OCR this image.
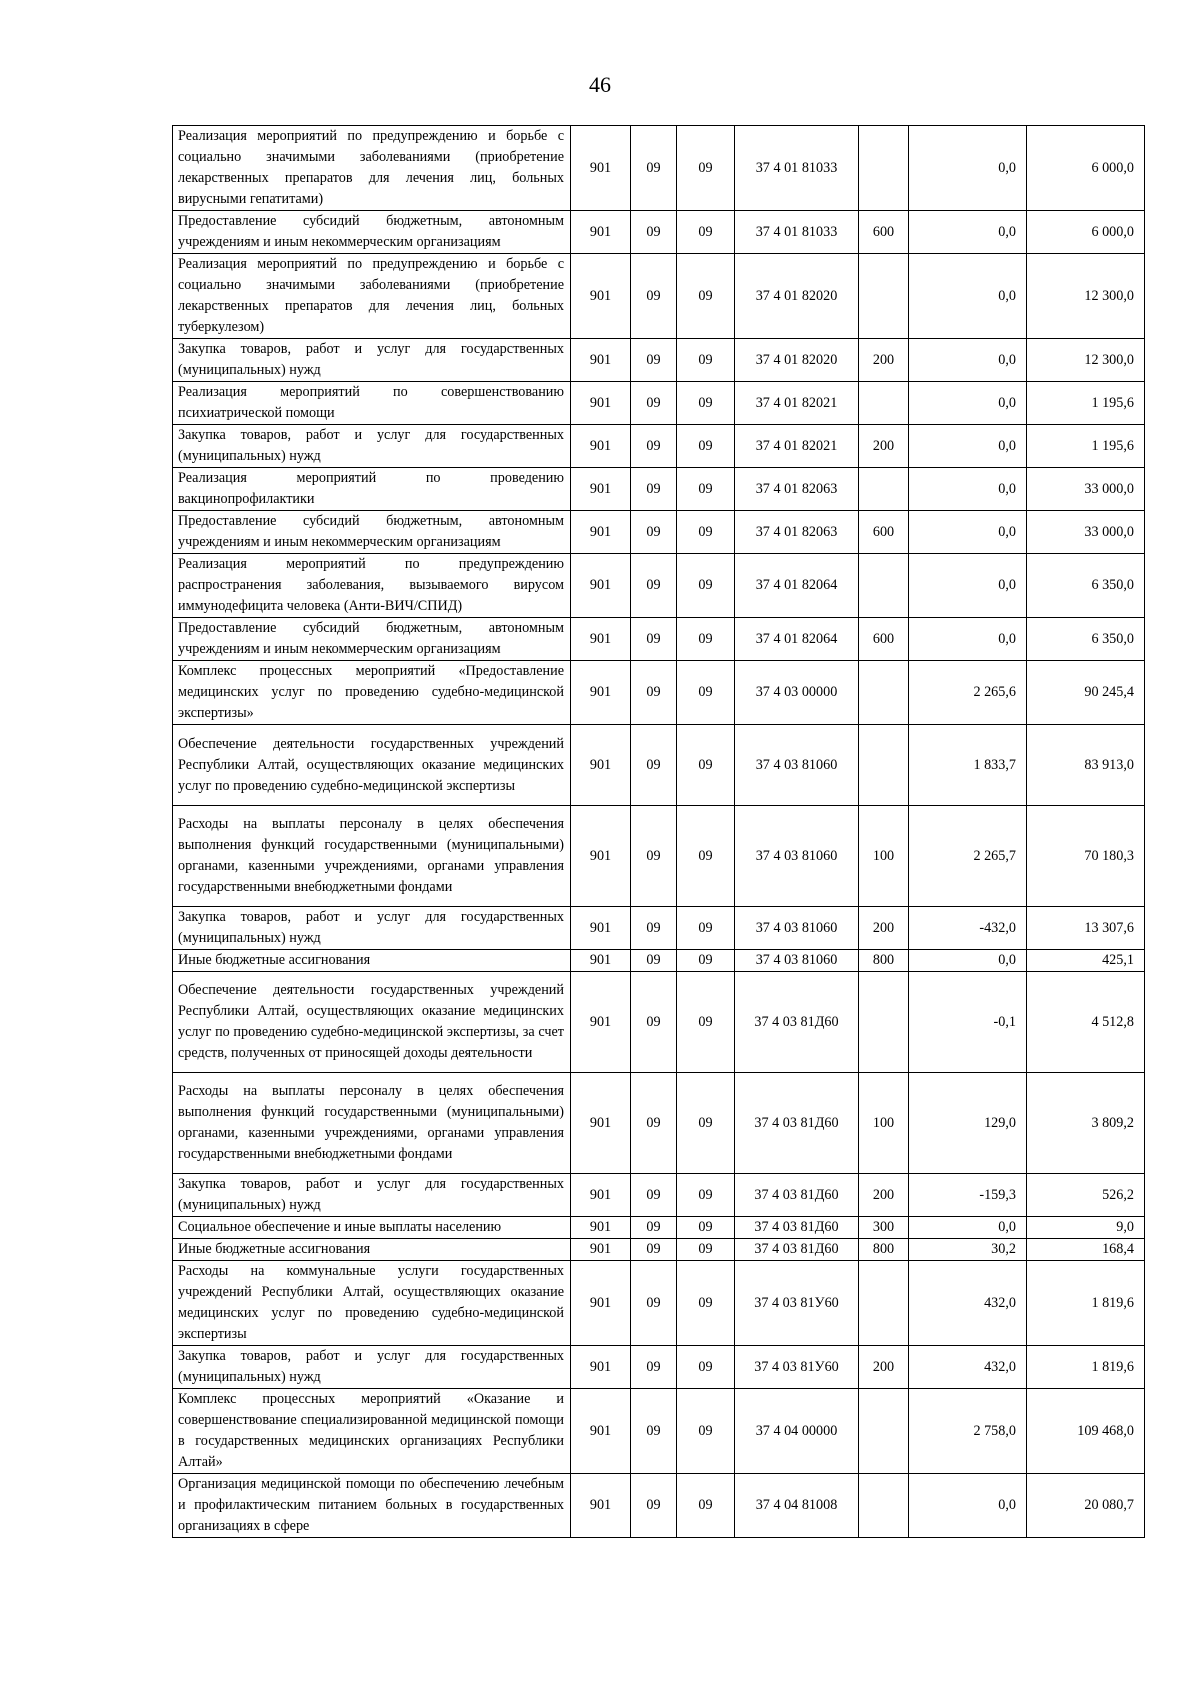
46
Реализация мероприятий по предупреждению и борьбе с социально значимыми заболеваниями (приобретение лекарственных препаратов для лечения лиц, больных вирусными гепатитами)	901	09	09	37 4 01 81033		0,0	6 000,0
Предоставление субсидий бюджетным, автономным учреждениям и иным некоммерческим организациям	901	09	09	37 4 01 81033	600	0,0	6 000,0
Реализация мероприятий по предупреждению и борьбе с социально значимыми заболеваниями (приобретение лекарственных препаратов для лечения лиц, больных туберкулезом)	901	09	09	37 4 01 82020		0,0	12 300,0
Закупка товаров, работ и услуг для государственных (муниципальных) нужд	901	09	09	37 4 01 82020	200	0,0	12 300,0
Реализация мероприятий по совершенствованию психиатрической помощи	901	09	09	37 4 01 82021		0,0	1 195,6
Закупка товаров, работ и услуг для государственных (муниципальных) нужд	901	09	09	37 4 01 82021	200	0,0	1 195,6
Реализация мероприятий по проведению вакцинопрофилактики	901	09	09	37 4 01 82063		0,0	33 000,0
Предоставление субсидий бюджетным, автономным учреждениям и иным некоммерческим организациям	901	09	09	37 4 01 82063	600	0,0	33 000,0
Реализация мероприятий по предупреждению распространения заболевания, вызываемого вирусом иммунодефицита человека (Анти-ВИЧ/СПИД)	901	09	09	37 4 01 82064		0,0	6 350,0
Предоставление субсидий бюджетным, автономным учреждениям и иным некоммерческим организациям	901	09	09	37 4 01 82064	600	0,0	6 350,0
Комплекс процессных мероприятий «Предоставление медицинских услуг по проведению судебно-медицинской экспертизы»	901	09	09	37 4 03 00000		2 265,6	90 245,4
Обеспечение деятельности государственных учреждений Республики Алтай, осуществляющих оказание медицинских услуг по проведению судебно-медицинской экспертизы	901	09	09	37 4 03 81060		1 833,7	83 913,0
Расходы на выплаты персоналу в целях обеспечения выполнения функций государственными (муниципальными) органами, казенными учреждениями, органами управления государственными внебюджетными фондами	901	09	09	37 4 03 81060	100	2 265,7	70 180,3
Закупка товаров, работ и услуг для государственных (муниципальных) нужд	901	09	09	37 4 03 81060	200	-432,0	13 307,6
Иные бюджетные ассигнования	901	09	09	37 4 03 81060	800	0,0	425,1
Обеспечение деятельности государственных учреждений Республики Алтай, осуществляющих оказание медицинских услуг по проведению судебно-медицинской экспертизы, за счет средств, полученных от приносящей доходы деятельности	901	09	09	37 4 03 81Д60		-0,1	4 512,8
Расходы на выплаты персоналу в целях обеспечения выполнения функций государственными (муниципальными) органами, казенными учреждениями, органами управления государственными внебюджетными фондами	901	09	09	37 4 03 81Д60	100	129,0	3 809,2
Закупка товаров, работ и услуг для государственных (муниципальных) нужд	901	09	09	37 4 03 81Д60	200	-159,3	526,2
Социальное обеспечение и иные выплаты населению	901	09	09	37 4 03 81Д60	300	0,0	9,0
Иные бюджетные ассигнования	901	09	09	37 4 03 81Д60	800	30,2	168,4
Расходы на коммунальные услуги государственных учреждений Республики Алтай, осуществляющих оказание медицинских услуг по проведению судебно-медицинской экспертизы	901	09	09	37 4 03 81У60		432,0	1 819,6
Закупка товаров, работ и услуг для государственных (муниципальных) нужд	901	09	09	37 4 03 81У60	200	432,0	1 819,6
Комплекс процессных мероприятий «Оказание и совершенствование специализированной медицинской помощи в государственных медицинских организациях Республики Алтай»	901	09	09	37 4 04 00000		2 758,0	109 468,0
Организация медицинской помощи по обеспечению лечебным и профилактическим питанием больных в государственных организациях в сфере	901	09	09	37 4 04 81008		0,0	20 080,7
